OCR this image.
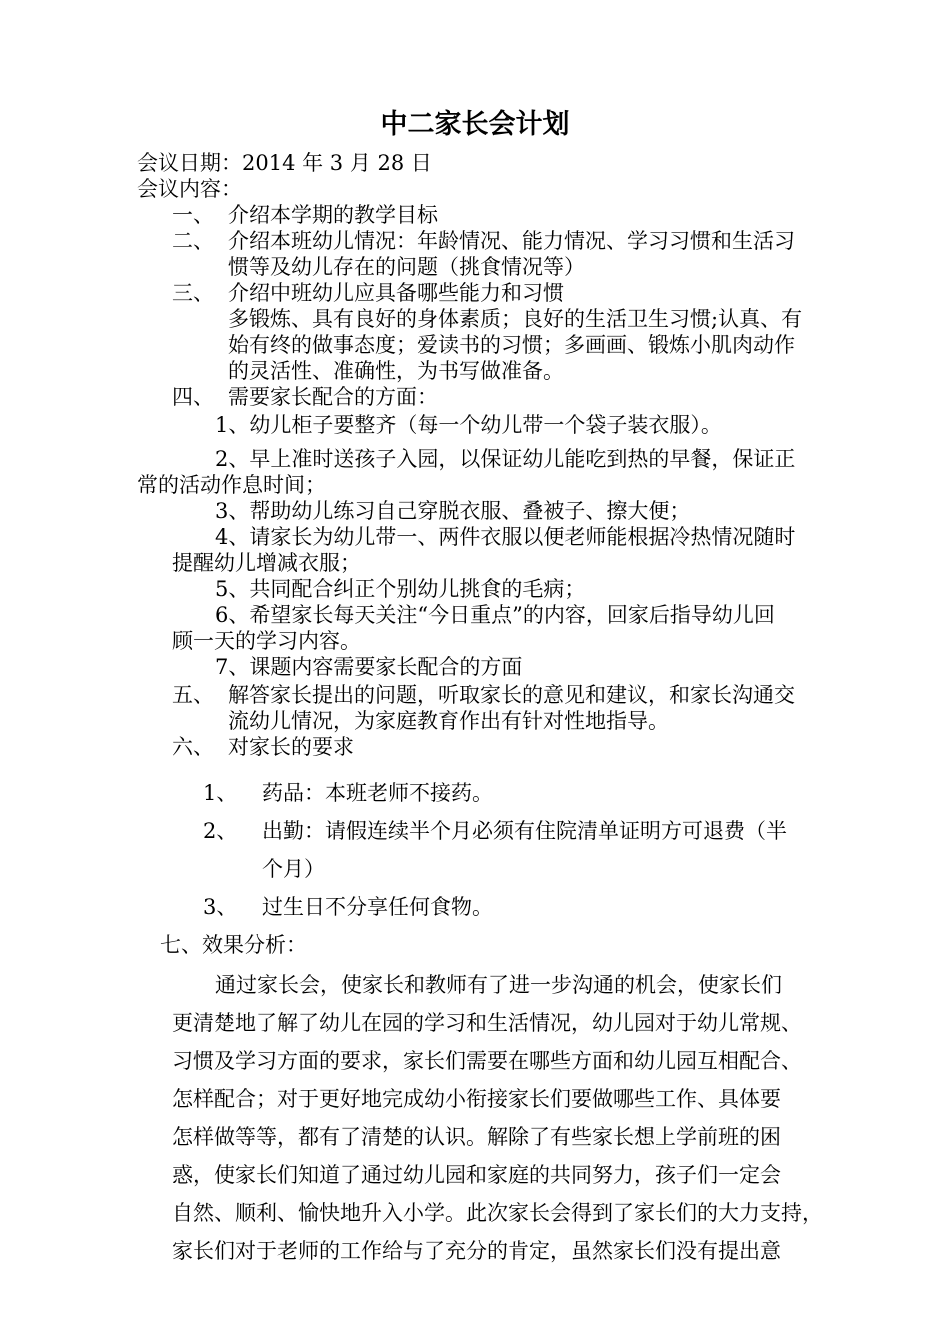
中二家长会计划
会议日期：2014 年 3 月 28 日
会议内容：
一、 介绍本学期的教学目标
二、 介绍本班幼儿情况：年龄情况、能力情况、学习习惯和生活习
惯等及幼儿存在的问题（挑食情况等）
三、 介绍中班幼儿应具备哪些能力和习惯
多锻炼、具有良好的身体素质；良好的生活卫生习惯;认真、有
始有终的做事态度；爱读书的习惯；多画画、锻炼小肌肉动作
的灵活性、准确性，为书写做准备。
四、 需要家长配合的方面：
1、幼儿柜子要整齐（每一个幼儿带一个袋子装衣服）。
2、早上准时送孩子入园，以保证幼儿能吃到热的早餐，保证正
常的活动作息时间；
3、帮助幼儿练习自己穿脱衣服、叠被子、擦大便；
4、请家长为幼儿带一、两件衣服以便老师能根据冷热情况随时
提醒幼儿增减衣服；
5、共同配合纠正个别幼儿挑食的毛病；
6、希望家长每天关注“今日重点”的内容，回家后指导幼儿回
顾一天的学习内容。
7、课题内容需要家长配合的方面
五、 解答家长提出的问题，听取家长的意见和建议，和家长沟通交
流幼儿情况，为家庭教育作出有针对性地指导。
六、 对家长的要求
1、 药品：本班老师不接药。
2、 出勤：请假连续半个月必须有住院清单证明方可退费（半
个月）
3、 过生日不分享任何食物。
七、效果分析：
通过家长会，使家长和教师有了进一步沟通的机会，使家长们
更清楚地了解了幼儿在园的学习和生活情况，幼儿园对于幼儿常规、
习惯及学习方面的要求，家长们需要在哪些方面和幼儿园互相配合、
怎样配合；对于更好地完成幼小衔接家长们要做哪些工作、具体要
怎样做等等，都有了清楚的认识。解除了有些家长想上学前班的困
惑，使家长们知道了通过幼儿园和家庭的共同努力，孩子们一定会
自然、顺利、愉快地升入小学。此次家长会得到了家长们的大力支持，
家长们对于老师的工作给与了充分的肯定，虽然家长们没有提出意
